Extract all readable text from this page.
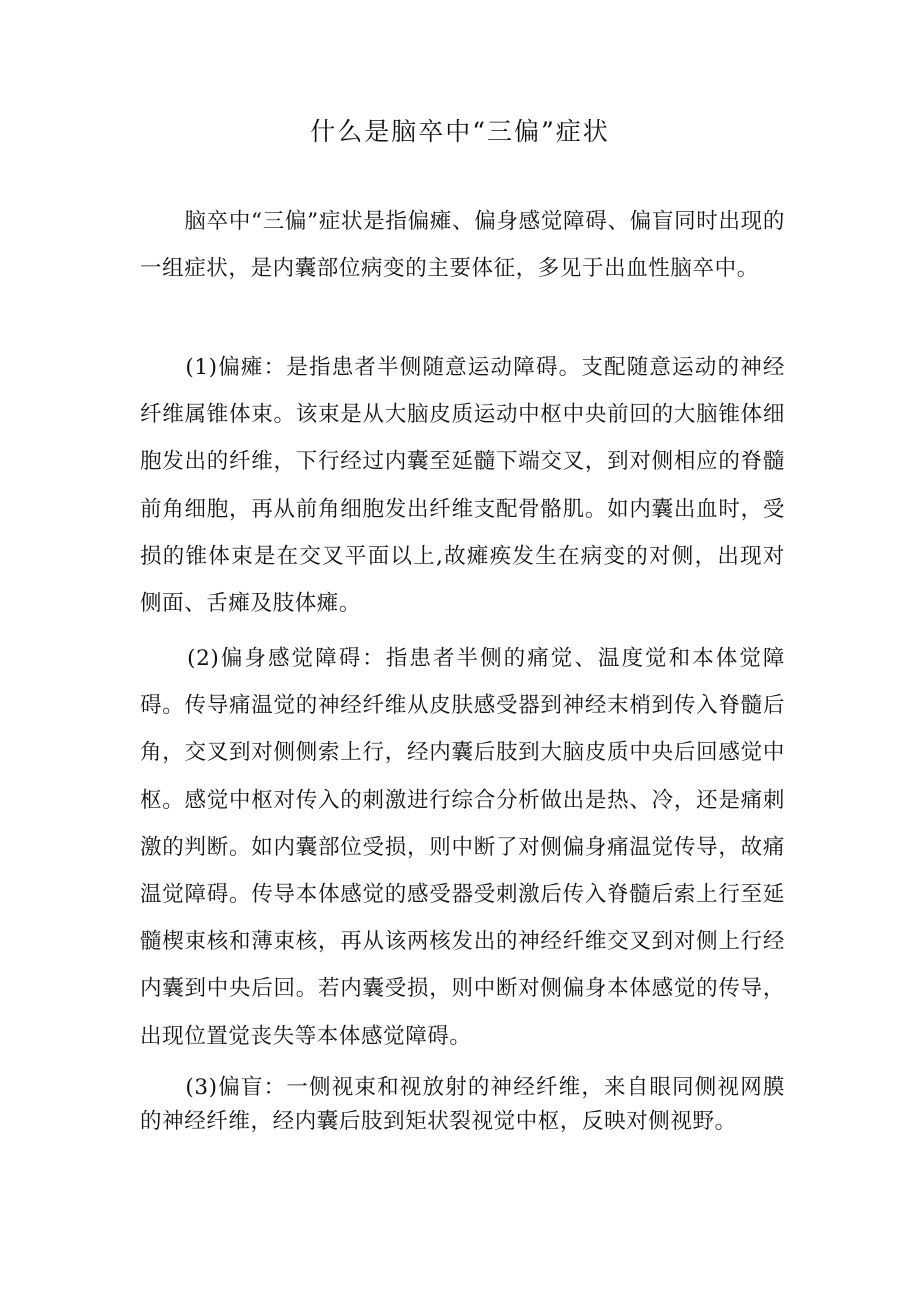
什么是脑卒中“三偏”症状

　　脑卒中“三偏”症状是指偏瘫、偏身感觉障碍、偏盲同时出现的一组症状，是内囊部位病变的主要体征，多见于出血性脑卒中。

　　(1)偏瘫：是指患者半侧随意运动障碍。支配随意运动的神经纤维属锥体束。该束是从大脑皮质运动中枢中央前回的大脑锥体细胞发出的纤维，下行经过内囊至延髓下端交叉，到对侧相应的脊髓前角细胞，再从前角细胞发出纤维支配骨骼肌。如内囊出血时，受损的锥体束是在交叉平面以上,故瘫痪发生在病变的对侧，出现对侧面、舌瘫及肢体瘫。

　　(2)偏身感觉障碍：指患者半侧的痛觉、温度觉和本体觉障碍。传导痛温觉的神经纤维从皮肤感受器到神经末梢到传入脊髓后角，交叉到对侧侧索上行，经内囊后肢到大脑皮质中央后回感觉中枢。感觉中枢对传入的刺激进行综合分析做出是热、冷，还是痛刺激的判断。如内囊部位受损，则中断了对侧偏身痛温觉传导，故痛温觉障碍。传导本体感觉的感受器受刺激后传入脊髓后索上行至延髓楔束核和薄束核，再从该两核发出的神经纤维交叉到对侧上行经内囊到中央后回。若内囊受损，则中断对侧偏身本体感觉的传导，出现位置觉丧失等本体感觉障碍。

　　(3)偏盲：一侧视束和视放射的神经纤维，来自眼同侧视网膜的神经纤维，经内囊后肢到矩状裂视觉中枢，反映对侧视野。
